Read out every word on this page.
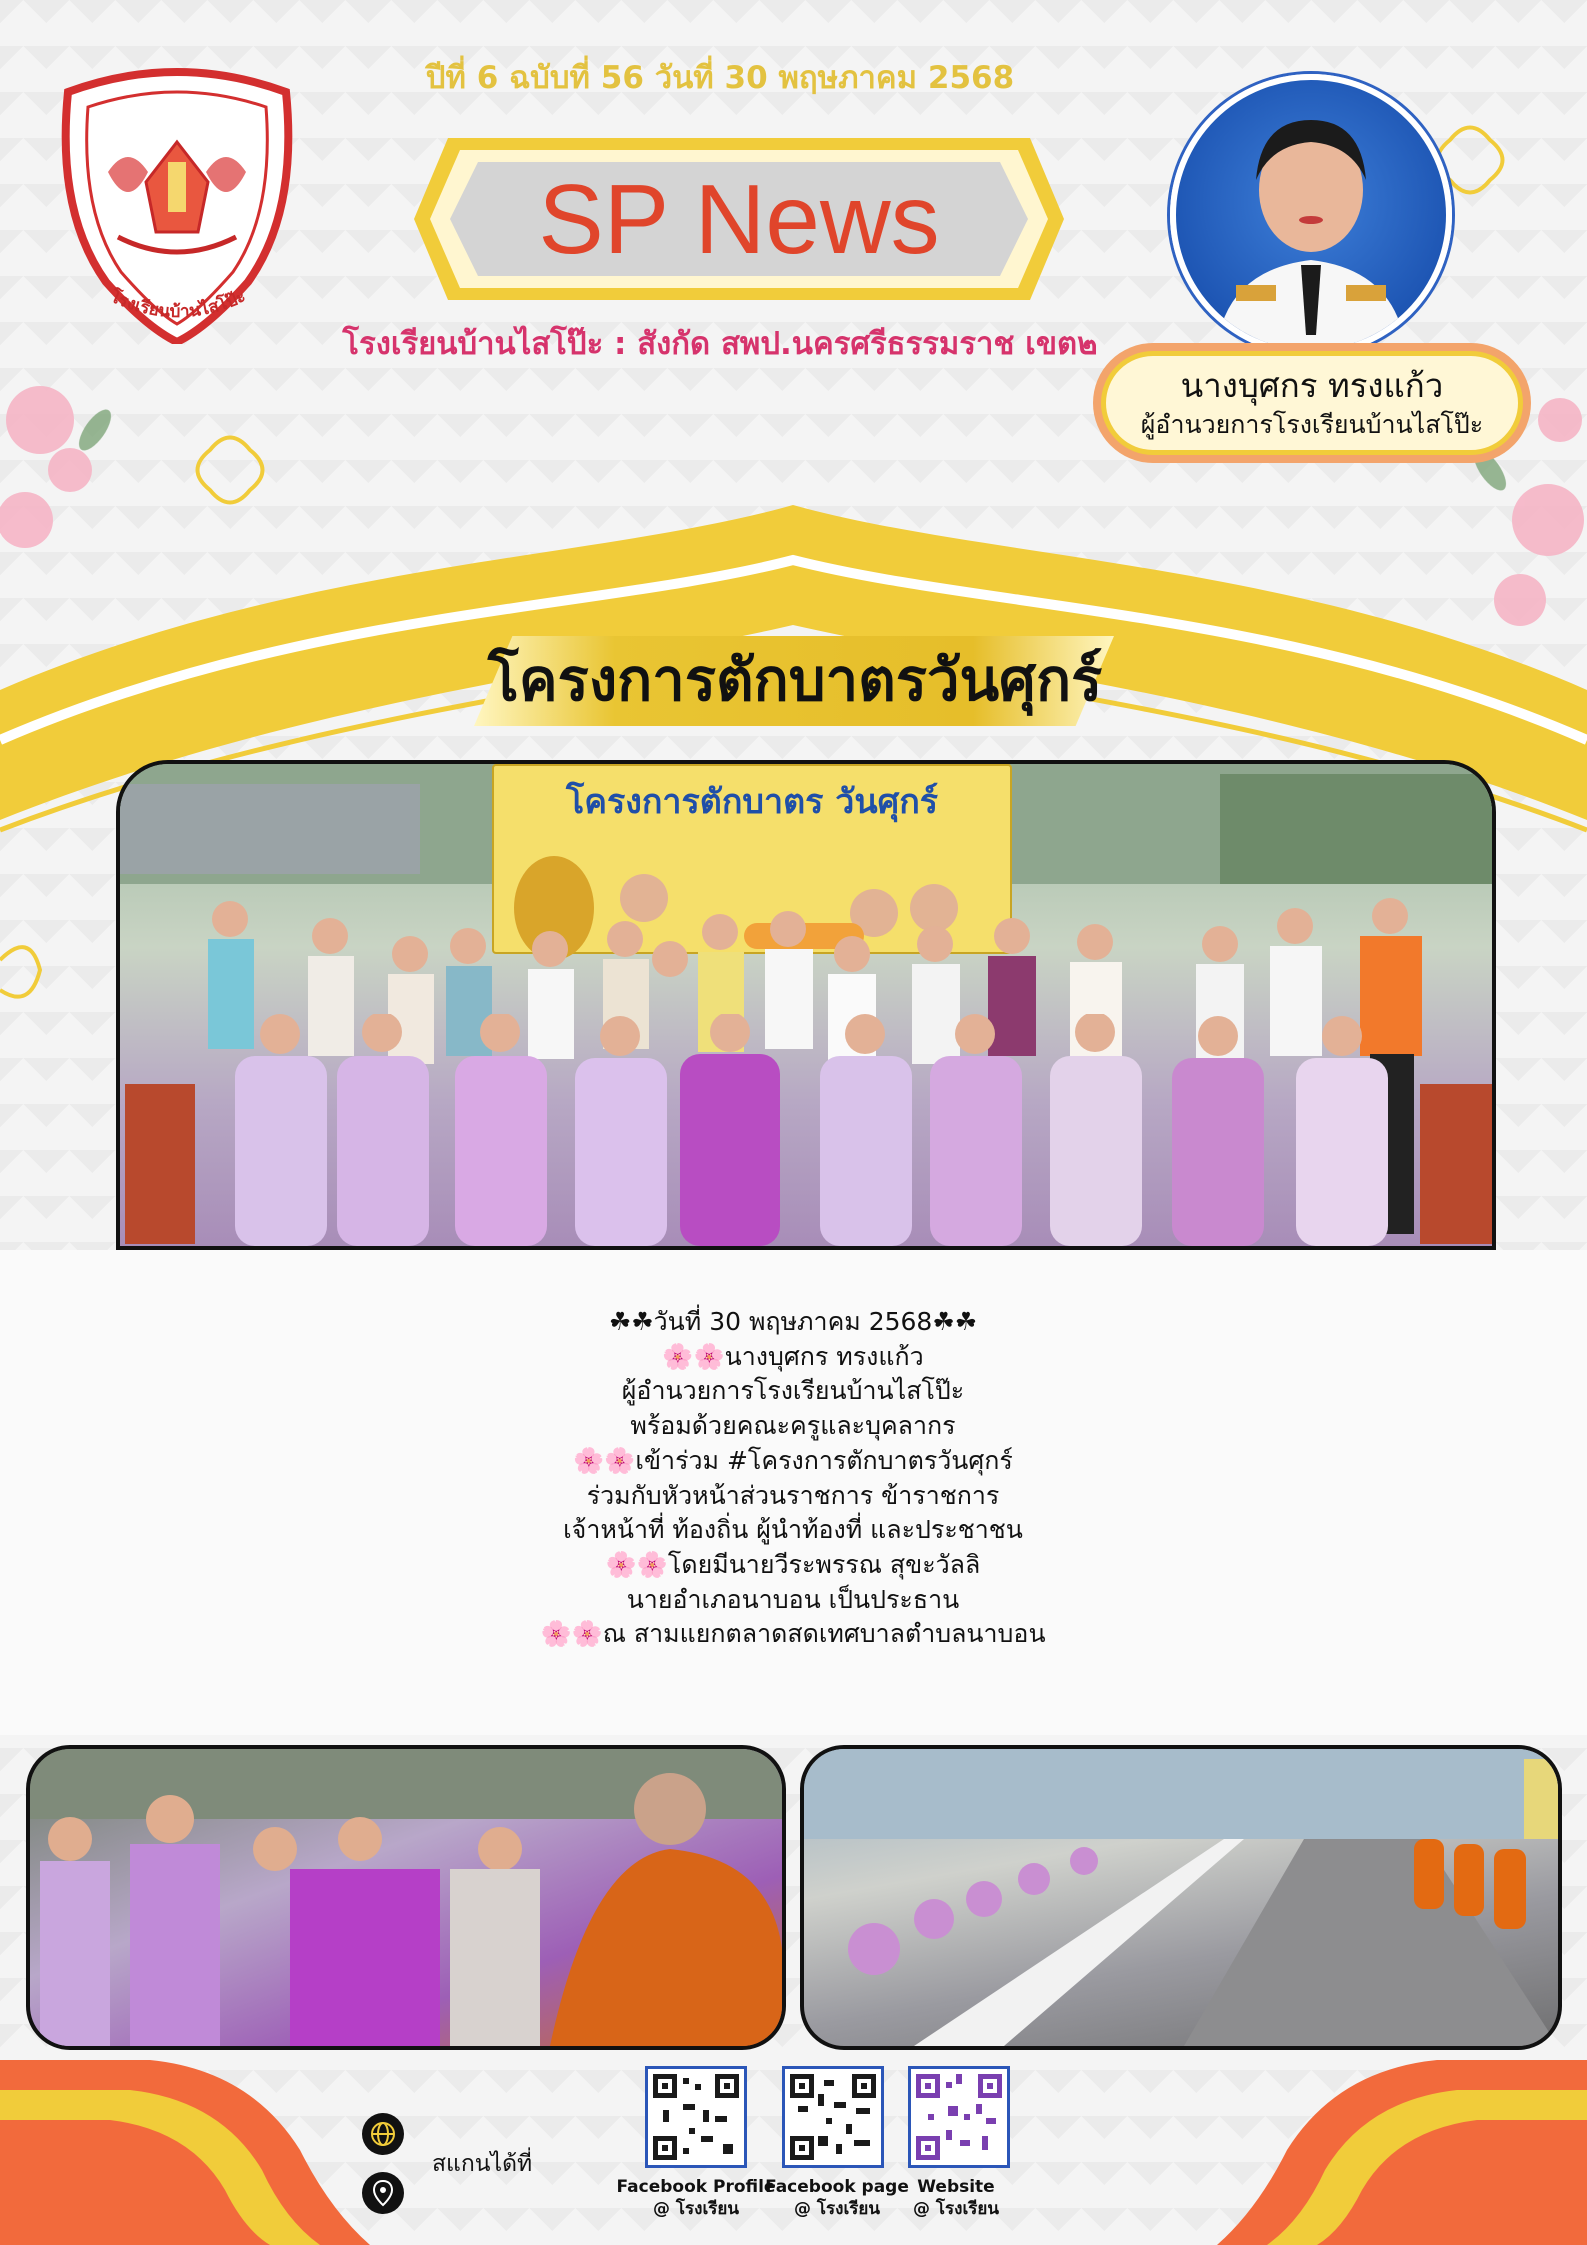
ปีที่ 6 ฉบับที่ 56 วันที่ 30 พฤษภาคม 2568
โรงเรียนบ้านไสโป๊ะ
SP News
โรงเรียนบ้านไสโป๊ะ : สังกัด สพป.นครศรีธรรมราช เขต๒
นางบุศกร ทรงแก้ว
ผู้อำนวยการโรงเรียนบ้านไสโป๊ะ
โครงการตักบาตรวันศุกร์
โครงการตักบาตร วันศุกร์
☘☘วันที่ 30 พฤษภาคม 2568☘☘
🌸🌸นางบุศกร ทรงแก้ว
ผู้อำนวยการโรงเรียนบ้านไสโป๊ะ
พร้อมด้วยคณะครูและบุคลากร
🌸🌸เข้าร่วม #โครงการตักบาตรวันศุกร์
ร่วมกับหัวหน้าส่วนราชการ ข้าราชการ
เจ้าหน้าที่ ท้องถิ่น ผู้นำท้องที่ และประชาชน
🌸🌸โดยมีนายวีระพรรณ สุขะวัลลิ
นายอำเภอนาบอน เป็นประธาน
🌸🌸ณ สามแยกตลาดสดเทศบาลตำบลนาบอน
สแกนได้ที่
Facebook Profile
@ โรงเรียน
Facebook page
@ โรงเรียน
Website
@ โรงเรียน
